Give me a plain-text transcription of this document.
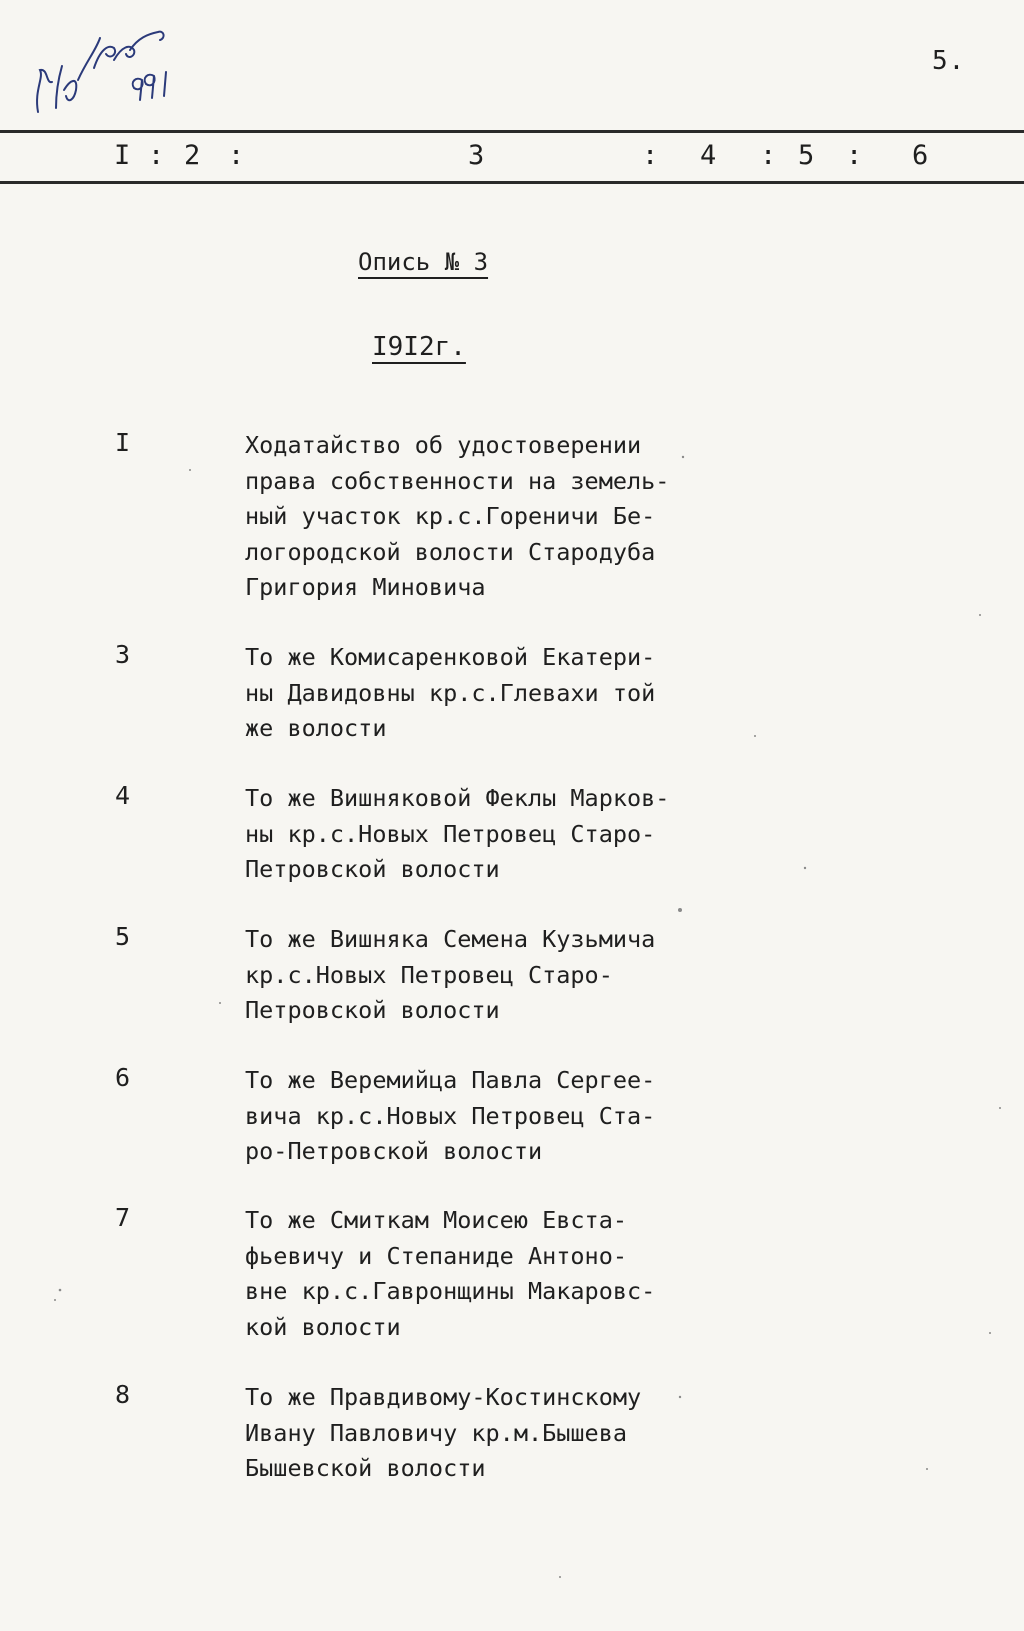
5.
I : 2 :	3	: 4 : 5 : 6
Опись № 3
I9I2г.
I	Ходатайство об удостоверении
права собственности на земель-
ный участок кр.с.Горeничи Бе-
логородской волости Стародуба
Григория Миновича
3	То же Комисаренковой Екатери-
ны Давидовны кр.с.Глевахи той
же волости
4	То же Вишняковой Феклы Марков-
ны кр.с.Новых Петровец Старо-
Петровской волости
5	То же Вишняка Семена Кузьмича
кр.с.Новых Петровец Старо-
Петровской волости
6	То же Веремийца Павла Сергее-
вича кр.с.Новых Петровец Ста-
ро-Петровской волости
7	То же Смиткам Моисею Евста-
фьевичу и Степаниде Антоно-
вне кр.с.Гавронщины Макаровс-
кой волости
8	То же Правдивому-Костинскому
Ивану Павловичу кр.м.Бышева
Бышевской волости
